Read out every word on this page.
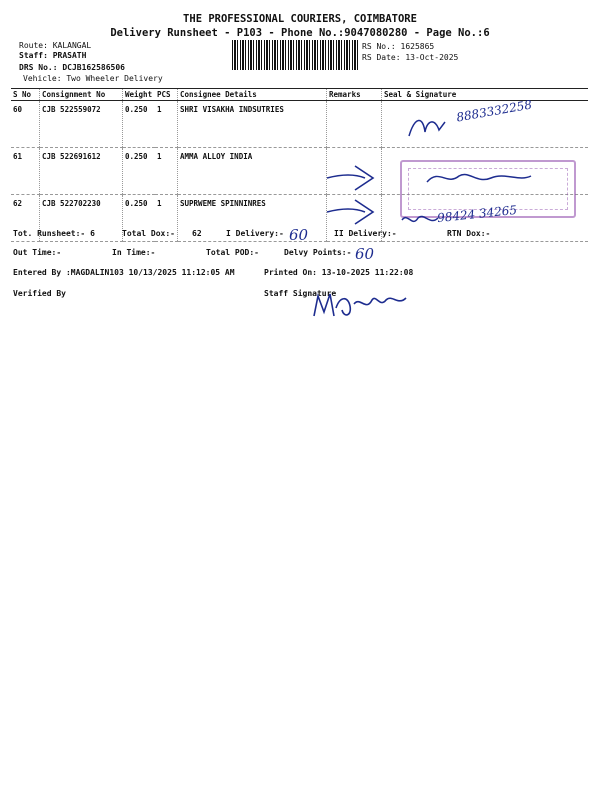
THE PROFESSIONAL COURIERS, COIMBATORE
Delivery Runsheet - P103 - Phone No.:9047080280 - Page No.:6
Route: KALANGAL
Staff: PRASATH
DRS No.: DCJB162586506
Vehicle: Two Wheeler Delivery
RS No.: 1625865
RS Date: 13-Oct-2025
S No	Consignment No	Weight	PCS	Consignee Details	Remarks	Seal & Signature
60	CJB 522559072	0.250	1	SHRI VISAKHA INDSUTRIES		
61	CJB 522691612	0.250	1	AMMA ALLOY INDIA		
62	CJB 522702230	0.250	1	SUPRWEME SPINNINRES		
8883332258
98424 34265
Tot. Runsheet:- 6	Total Dox:- 62	I Delivery:- 60	II Delivery:-	RTN Dox:-
Out Time:-	In Time:-	Total POD:-	Delvy Points:- 60
Entered By :MAGDALIN103 10/13/2025 11:12:05 AM	Printed On: 13-10-2025 11:22:08
Verified By	Staff Signature
